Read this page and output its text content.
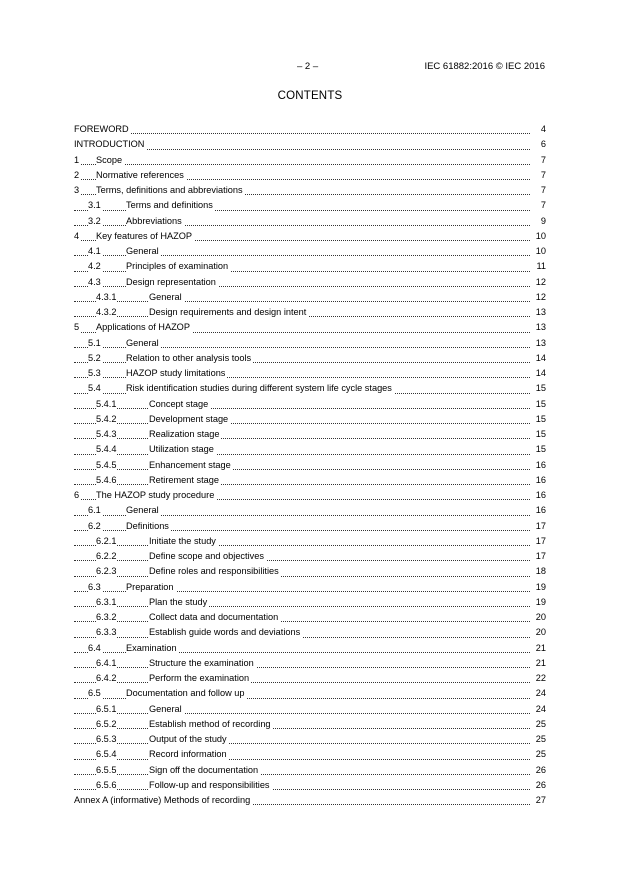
– 2 –	IEC 61882:2016 © IEC 2016
CONTENTS
FOREWORD	4
INTRODUCTION	6
1 Scope	7
2 Normative references	7
3 Terms, definitions and abbreviations	7
3.1	Terms and definitions	7
3.2	Abbreviations	9
4 Key features of HAZOP	10
4.1	General	10
4.2	Principles of examination	11
4.3	Design representation	12
4.3.1	General	12
4.3.2	Design requirements and design intent	13
5 Applications of HAZOP	13
5.1	General	13
5.2	Relation to other analysis tools	14
5.3	HAZOP study limitations	14
5.4	Risk identification studies during different system life cycle stages	15
5.4.1	Concept stage	15
5.4.2	Development stage	15
5.4.3	Realization stage	15
5.4.4	Utilization stage	15
5.4.5	Enhancement stage	16
5.4.6	Retirement stage	16
6 The HAZOP study procedure	16
6.1	General	16
6.2	Definitions	17
6.2.1	Initiate the study	17
6.2.2	Define scope and objectives	17
6.2.3	Define roles and responsibilities	18
6.3	Preparation	19
6.3.1	Plan the study	19
6.3.2	Collect data and documentation	20
6.3.3	Establish guide words and deviations	20
6.4	Examination	21
6.4.1	Structure the examination	21
6.4.2	Perform the examination	22
6.5	Documentation and follow up	24
6.5.1	General	24
6.5.2	Establish method of recording	25
6.5.3	Output of the study	25
6.5.4	Record information	25
6.5.5	Sign off the documentation	26
6.5.6	Follow-up and responsibilities	26
Annex A (informative) Methods of recording	27
